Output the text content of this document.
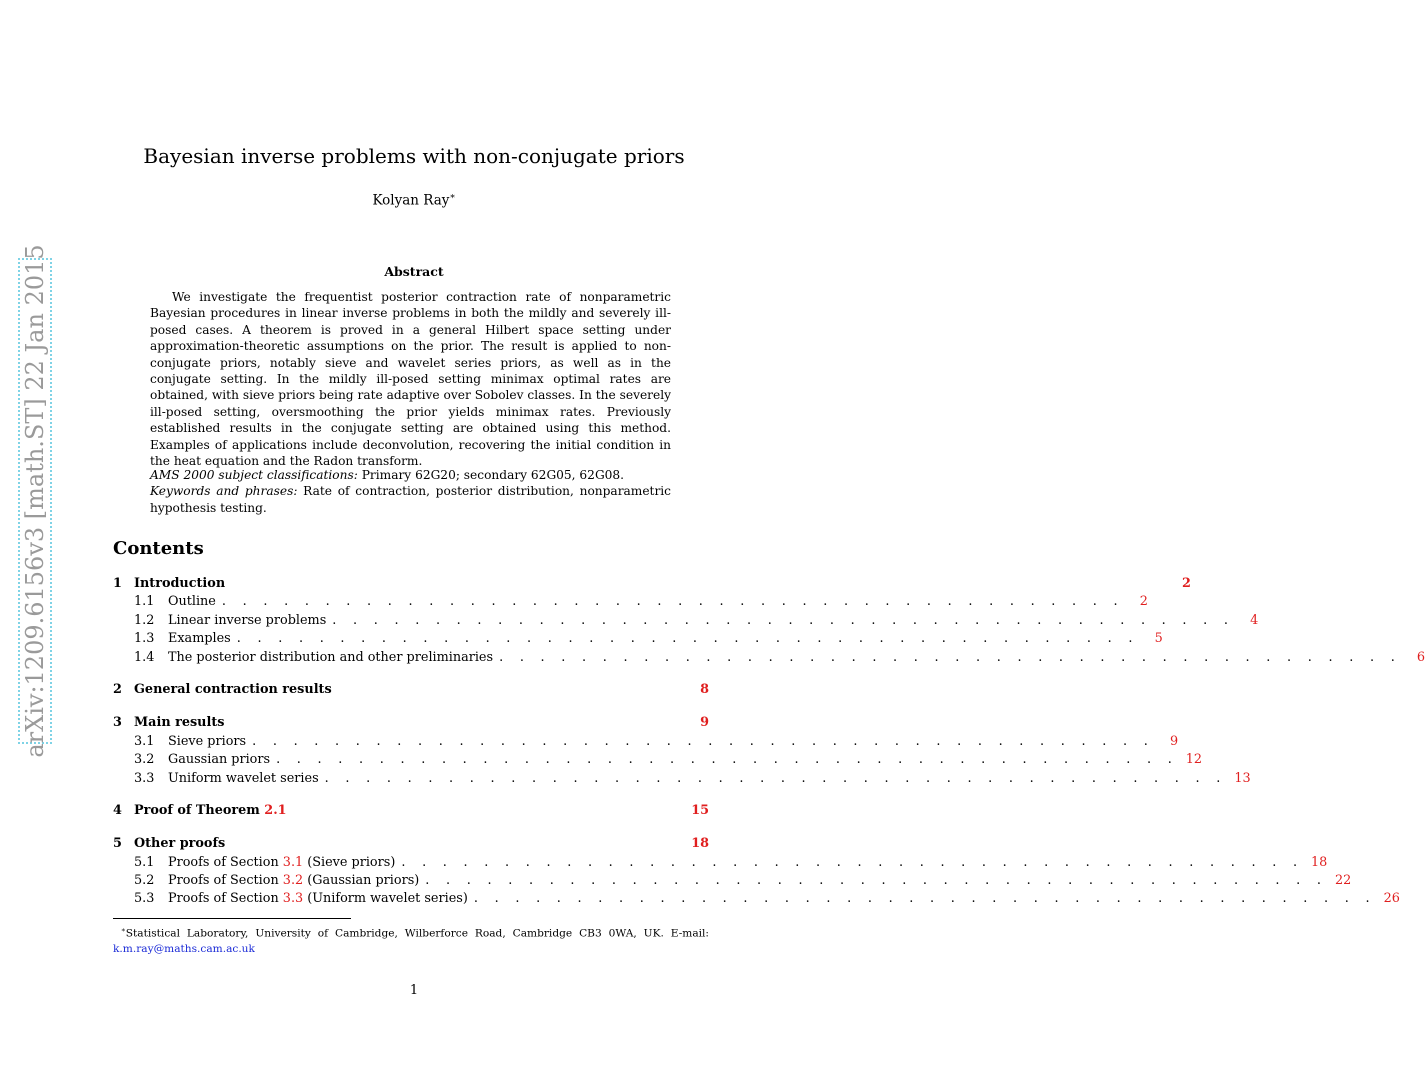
arXiv:1209.6156v3 [math.ST] 22 Jan 2015
Bayesian inverse problems with non-conjugate priors
Kolyan Ray∗
Abstract
We investigate the frequentist posterior contraction rate of nonparametric Bayesian procedures in linear inverse problems in both the mildly and severely ill-posed cases. A theorem is proved in a general Hilbert space setting under approximation-theoretic assumptions on the prior. The result is applied to non-conjugate priors, notably sieve and wavelet series priors, as well as in the conjugate setting. In the mildly ill-posed setting minimax optimal rates are obtained, with sieve priors being rate adaptive over Sobolev classes. In the severely ill-posed setting, oversmoothing the prior yields minimax rates. Previously established results in the conjugate setting are obtained using this method. Examples of applications include deconvolution, recovering the initial condition in the heat equation and the Radon transform.
AMS 2000 subject classifications: Primary 62G20; secondary 62G05, 62G08.
Keywords and phrases: Rate of contraction, posterior distribution, nonparametric hypothesis testing.
Contents
1 Introduction	2
1.1	Outline . . . . . . . . . . . . . . . . . . . . . . . . . . . . . . . . . . . . . . . . . . . .	2
1.2	Linear inverse problems . . . . . . . . . . . . . . . . . . . . . . . . . . . . . . . . . . . . . . . . . . . .	4
1.3	Examples . . . . . . . . . . . . . . . . . . . . . . . . . . . . . . . . . . . . . . . . . . . .	5
1.4	The posterior distribution and other preliminaries . . . . . . . . . . . . . . . . . . . . . . . . . . . . . . . . . . . . . . . . . . . .	6
2 General contraction results	8
3 Main results	9
3.1	Sieve priors . . . . . . . . . . . . . . . . . . . . . . . . . . . . . . . . . . . . . . . . . . . .	9
3.2	Gaussian priors . . . . . . . . . . . . . . . . . . . . . . . . . . . . . . . . . . . . . . . . . . . . 12
3.3	Uniform wavelet series . . . . . . . . . . . . . . . . . . . . . . . . . . . . . . . . . . . . . . . . . . . . 13
4 Proof of Theorem 2.1	15
5 Other proofs	18
5.1	Proofs of Section 3.1 (Sieve priors) . . . . . . . . . . . . . . . . . . . . . . . . . . . . . . . . . . . . . . . . . . . . 18
5.2	Proofs of Section 3.2 (Gaussian priors) . . . . . . . . . . . . . . . . . . . . . . . . . . . . . . . . . . . . . . . . . . . . 22
5.3	Proofs of Section 3.3 (Uniform wavelet series) . . . . . . . . . . . . . . . . . . . . . . . . . . . . . . . . . . . . . . . . . . . . 26
∗Statistical Laboratory, University of Cambridge, Wilberforce Road, Cambridge CB3 0WA, UK. E-mail: k.m.ray@maths.cam.ac.uk
1
